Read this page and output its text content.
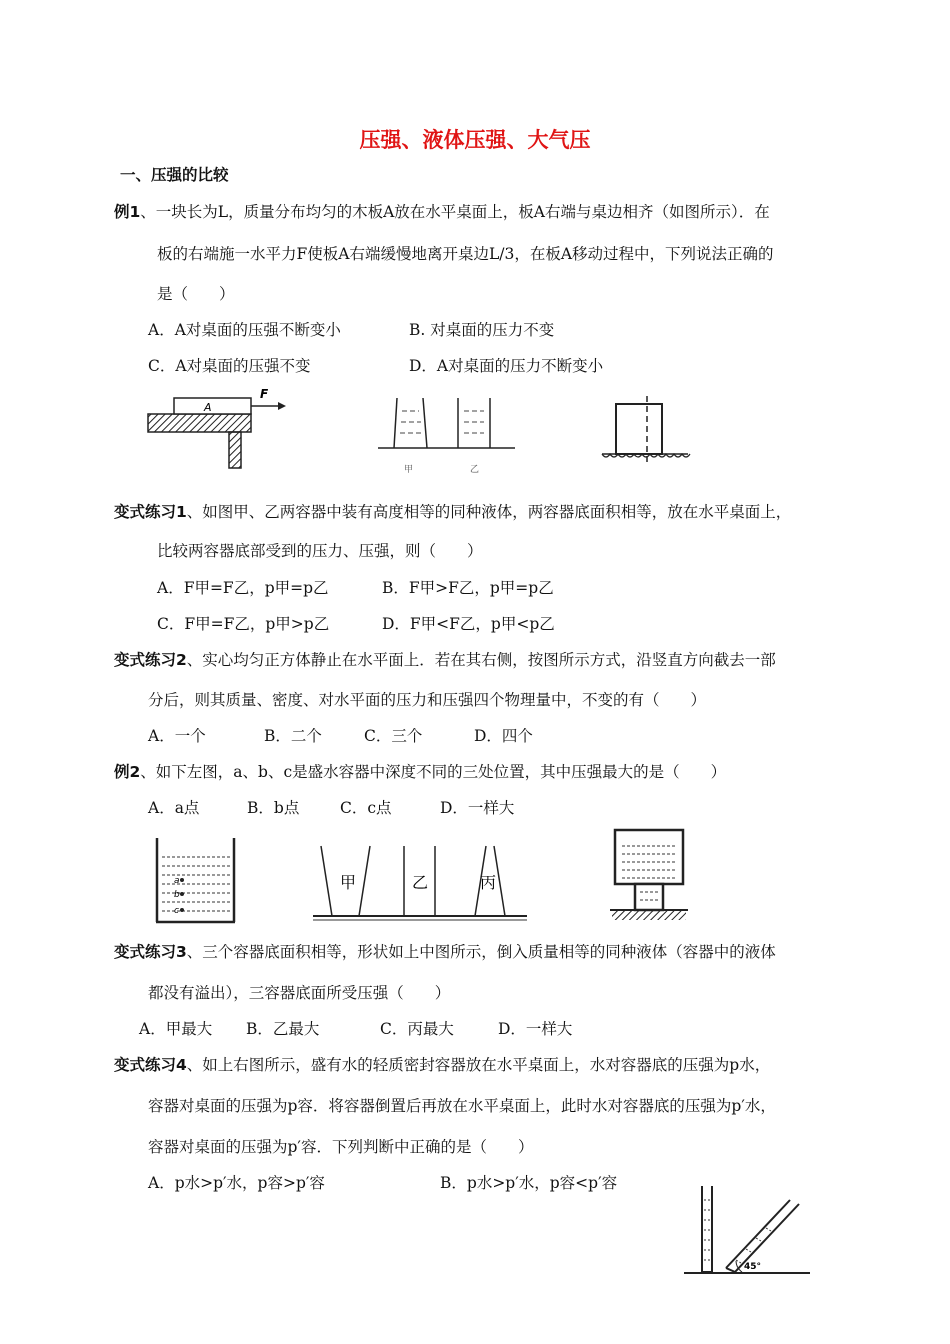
压强、液体压强、大气压
一、压强的比较
例1、一块长为L，质量分布均匀的木板A放在水平桌面上，板A右端与桌边相齐（如图所示）．在
板的右端施一水平力F使板A右端缓慢地离开桌边L/3，在板A移动过程中，下列说法正确的
是（　　）
A．A对桌面的压强不断变小	B. 对桌面的压力不变
C．A对桌面的压强不变	D．A对桌面的压力不断变小
A
F
甲	乙
变式练习1、如图甲、乙两容器中装有高度相等的同种液体，两容器底面积相等，放在水平桌面上，
比较两容器底部受到的压力、压强，则（　　）
A．F甲=F乙，p甲=p乙	B．F甲>F乙，p甲=p乙
C．F甲=F乙，p甲>p乙	D．F甲<F乙，p甲<p乙
变式练习2、实心均匀正方体静止在水平面上．若在其右侧，按图所示方式，沿竖直方向截去一部
分后，则其质量、密度、对水平面的压力和压强四个物理量中，不变的有（　　）
A．一个	B．二个	C．三个	D．四个
例2、如下左图，a、b、c是盛水容器中深度不同的三处位置，其中压强最大的是（　　）
A．a点	B．b点	C．c点	D．一样大
a
b
c
甲	乙	丙
变式练习3、三个容器底面积相等，形状如上中图所示，倒入质量相等的同种液体（容器中的液体
都没有溢出），三容器底面所受压强（　　）
A．甲最大 B．乙最大	C．丙最大	D．一样大
变式练习4、如上右图所示，盛有水的轻质密封容器放在水平桌面上，水对容器底的压强为p水，
容器对桌面的压强为p容．将容器倒置后再放在水平桌面上，此时水对容器底的压强为p′水，
容器对桌面的压强为p′容．下列判断中正确的是（　　）
A．p水>p′水，p容>p′容	B．p水>p′水，p容<p′容
45°
